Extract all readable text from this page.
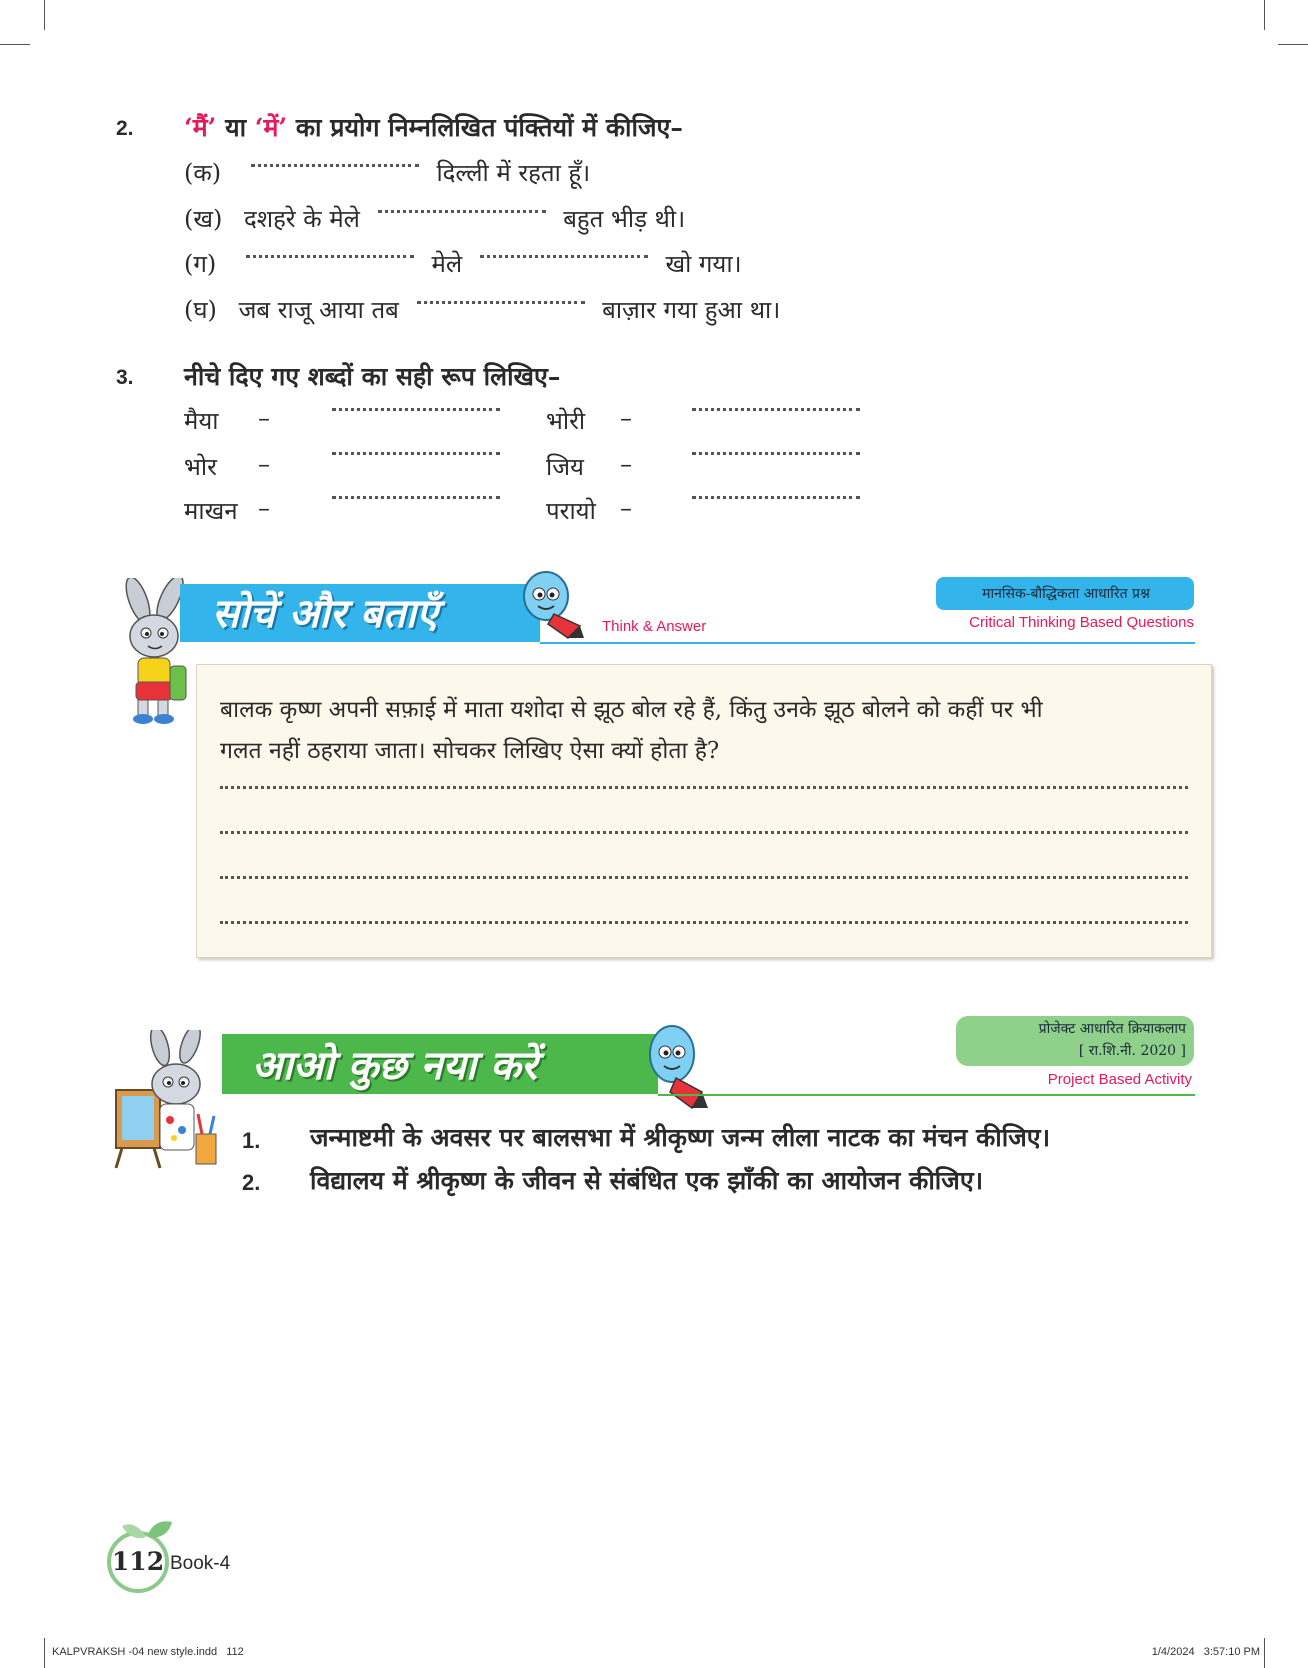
2. ‘मैं’ या ‘में’ का प्रयोग निम्नलिखित पंक्तियों में कीजिए–
(क)	दिल्ली में रहता हूँ।
(ख) दशहरे के मेले	बहुत भीड़ थी।
(ग)	मेले	खो गया।
(घ) जब राजू आया तब	बाज़ार गया हुआ था।
3. नीचे दिए गए शब्दों का सही रूप लिखिए–
मैया –	भोरी –
भोर –	जिय –
माखन –	परायो –
सोचें और बताएँ	Think & Answer
मानसिक-बौद्धिकता आधारित प्रश्न
Critical Thinking Based Questions
बालक कृष्ण अपनी सफ़ाई में माता यशोदा से झूठ बोल रहे हैं, किंतु उनके झूठ बोलने को कहीं पर भी
गलत नहीं ठहराया जाता। सोचकर लिखिए ऐसा क्यों होता है?
आओ कुछ नया करें
प्रोजेक्ट आधारित क्रियाकलाप
[ रा.शि.नी. 2020 ]
Project Based Activity
1. जन्माष्टमी के अवसर पर बालसभा में श्रीकृष्ण जन्म लीला नाटक का मंचन कीजिए।
2. विद्यालय में श्रीकृष्ण के जीवन से संबंधित एक झाँकी का आयोजन कीजिए।
112 Book-4
KALPVRAKSH -04 new style.indd   112	1/4/2024   3:57:10 PM
